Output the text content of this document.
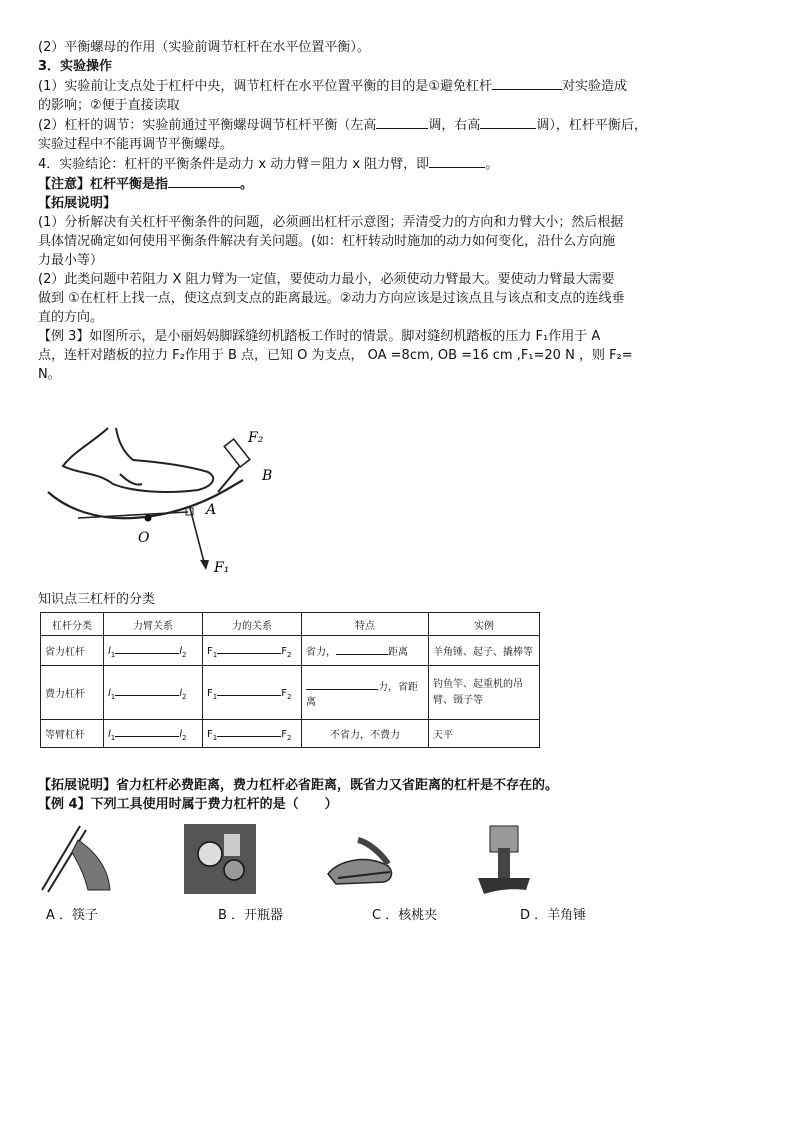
(2）平衡螺母的作用（实验前调节杠杆在水平位置平衡）。

3．实验操作

(1）实验前让支点处于杠杆中央，调节杠杆在水平位置平衡的目的是①避免杠杆	对实验造成

的影响；②便于直接读取

(2）杠杆的调节：实验前通过平衡螺母调节杠杆平衡（左高	调，右高	调），杠杆平衡后，

实验过程中不能再调节平衡螺母。

4．实验结论：杠杆的平衡条件是动力 x 动力臂＝阻力 x 阻力臂，即	。

【注意】杠杆平衡是指	。

【拓展说明】

(1）分析解决有关杠杆平衡条件的问题，必须画出杠杆示意图；弄清受力的方向和力臂大小；然后根据

具体情况确定如何使用平衡条件解决有关问题。(如：杠杆转动时施加的动力如何变化，沿什么方向施

力最小等）

(2）此类问题中若阻力 X 阻力臂为一定值，要使动力最小，必须使动力臂最大。要使动力臂最大需要

做到 ①在杠杆上找一点，使这点到支点的距离最远。②动力方向应该是过该点且与该点和支点的连线垂

直的方向。

【例 3】如图所示，是小丽妈妈脚踩缝纫机踏板工作时的情景。脚对缝纫机踏板的压力 F₁作用于 A

点，连杆对踏板的拉力 F₂作用于 B 点，已知 O 为支点， OA =8cm, OB =16 cm ,F₁=20 N ，则 F₂=

N。

F₂
B
A
O
F₁
知识点三杠杆的分类
杠杆分类	力臂关系	力的关系	特点	实例
省力杠杆	$l_1$ $l_2$	$F_1$ $F_2$	省力， 距离	羊角锤、起子、撬棒等
费力杠杆	$l_1$ $l_2$	$F_1$ $F_2$	力，省距离	钓鱼竿、起重机的吊臂、镊子等
等臂杠杆	$l_1$ $l_2$	$F_1$ $F_2$	不省力，不费力	天平

【拓展说明】省力杠杆必费距离，费力杠杆必省距离，既省力又省距离的杠杆是不存在的。

【例 4】下列工具使用时属于费力杠杆的是（　　）

A ．筷子	B ．开瓶器	C ．核桃夹	D ．羊角锤
